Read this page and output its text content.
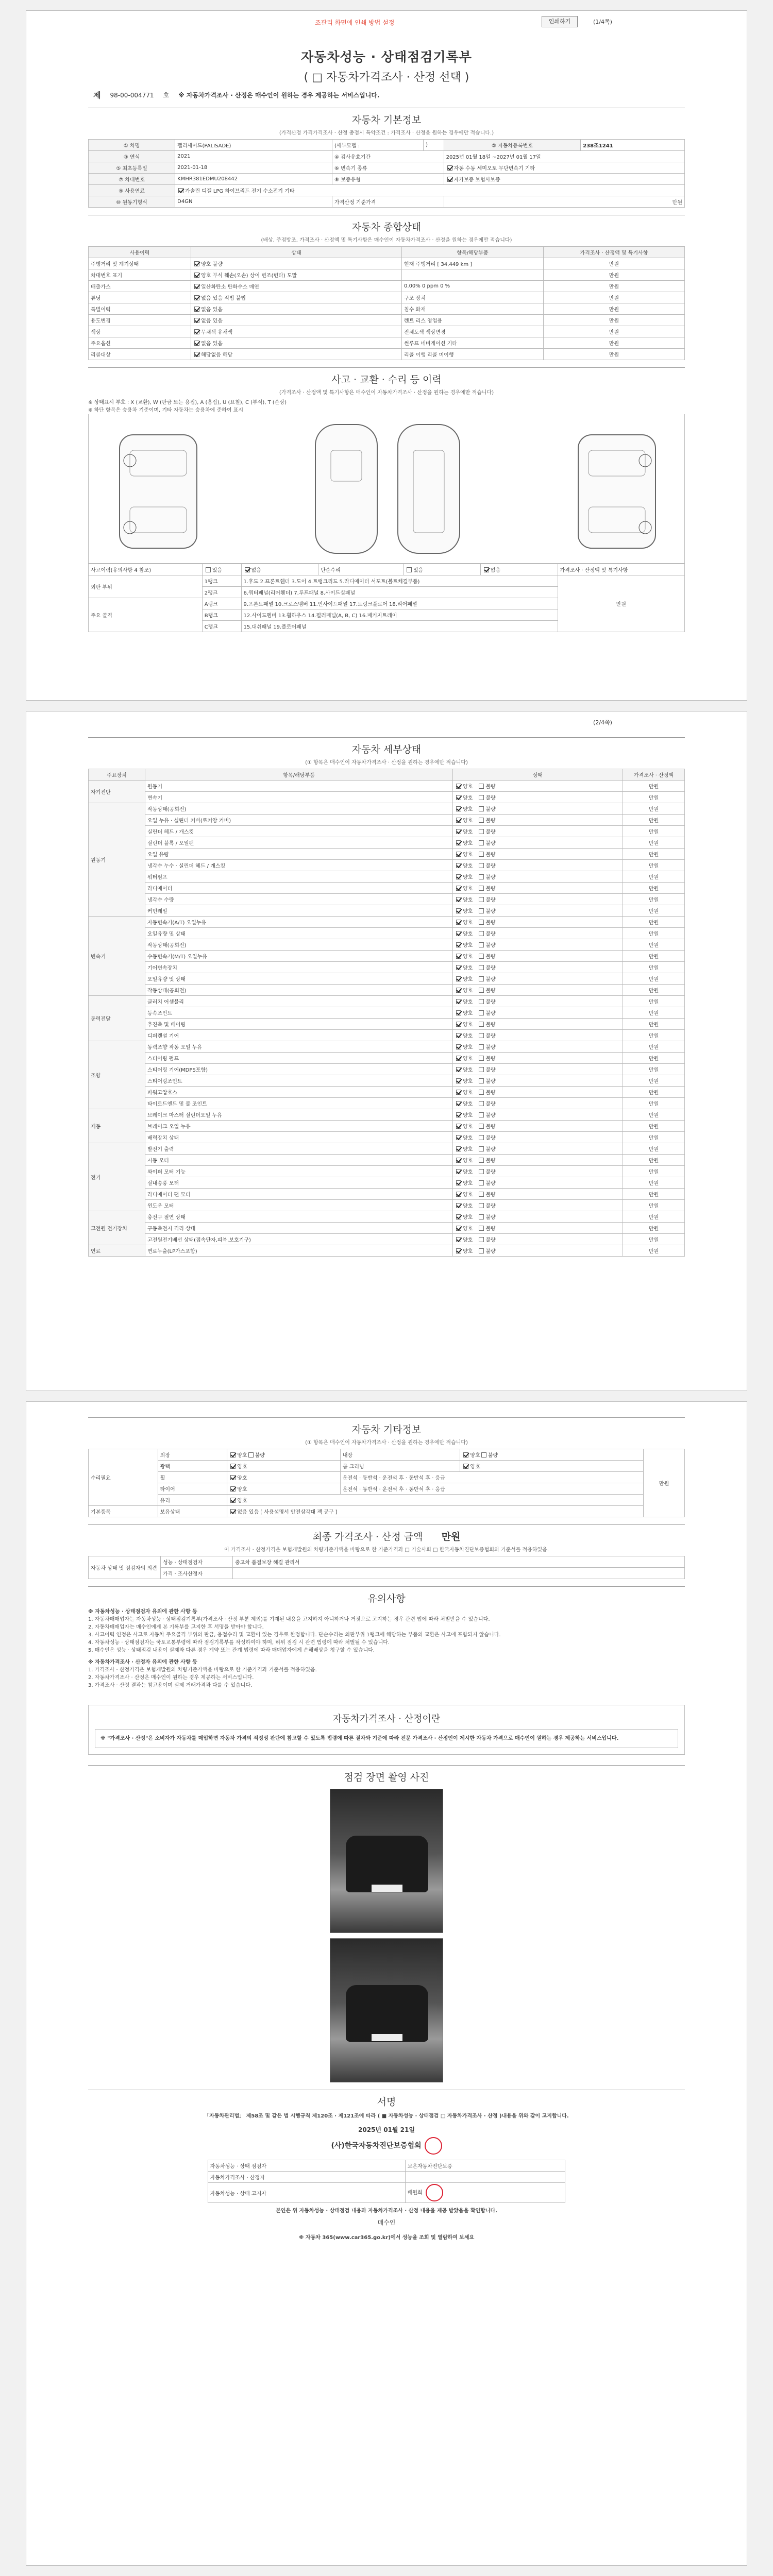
조관리 화면에 인쇄 방법 설정	인쇄하기	(1/4쪽)
자동차성능 · 상태점검기록부
( □ 자동차가격조사 · 산정 선택 )
제 98-00-004771 호 ※ 자동차가격조사 · 산정은 매수인이 원하는 경우 제공하는 서비스입니다.
자동차 기본정보
(가격산정 가격가격조사 · 산정 총점시 특약조건 : 가격조사 · 산정을 원하는 경우에만 적습니다.)
① 차명	팰리세이드(PALISADE)	(세부모델 :	)	② 자동차등록번호	238조1241
③ 연식	2021	④ 검사유효기간		2025년 01월 18일 ~2027년 01월 17일	
⑤ 최초등록일	2021-01-18	⑥ 변속기 종류		자동 수동 세미오토 무단변속기 기타	
⑦ 차대번호	KMHR381EDMU208442	⑧ 보증유형		자가보증 보험사보증	
⑨ 사용연료	가솔린 디젤 LPG 하이브리드 전기 수소전기 기타				
⑩ 원동기형식	D4GN	가격산정 기준가격		만원	
자동차 종합상태
(배상, 주점방조, 가격조사 · 산정액 및 특기사항은 매수인이 자동차가격조사 · 산정을 원하는 경우에만 적습니다)
사용이력	상태	항목/해당부품	가격조사 · 산정액 및 특기사항
주행거리 및 계기상태	양호 불량	현재 주행거리 [ 34,449 km ]	만원
차대번호 표기	양호 부식 훼손(오손) 상이 변조(변타) 도말		만원
배출가스	일산화탄소 탄화수소 매연	0.00% 0 ppm 0 %	만원
튜닝	없음 있음 적법 불법	구조 장치	만원
특별이력	없음 있음	침수 화재	만원
용도변경	없음 있음	렌트 리스 영업용	만원
색상	무채색 유채색	전체도색 색상변경	만원
주요옵션	없음 있음	썬루프 네비게이션 기타	만원
리콜대상	해당없음 해당	리콜 이행 리콜 미이행	만원
사고 · 교환 · 수리 등 이력
(가격조사 · 산정액 및 특기사항은 매수인이 자동차가격조사 · 산정을 원하는 경우에만 적습니다)
※ 상태표시 부호 : X (교환), W (판금 또는 용접), A (흠집), U (요철), C (부식), T (손상)
※ 하단 항목은 승용차 기준이며, 기타 자동차는 승용차에 준하여 표시
사고이력(유의사항 4 참조)	있음	없음	단순수리	있음	없음	가격조사 · 산정액 및 특기사항
외판 부위	1랭크	1.후드 2.프론트휀더 3.도어 4.트렁크리드 5.라디에이터 서포트(볼트체결부품)				만원
	2랭크	6.쿼터패널(리어휀더) 7.루프패널 8.사이드실패널				
주요 골격	A랭크	9.프론트패널 10.크로스멤버 11.인사이드패널 17.트렁크플로어 18.리어패널				
	B랭크	12.사이드멤버 13.휠하우스 14.필러패널(A, B, C) 16.패키지트레이				
	C랭크	15.대쉬패널 19.플로어패널				
(2/4쪽)
자동차 세부상태
(① 항목은 매수인이 자동차가격조사 · 산정을 원하는 경우에만 적습니다)
주요장치	항목/해당부품	상태	가격조사 · 산정액
자기진단	원동기	양호 불량	만원
	변속기	양호 불량	만원
원동기	작동상태(공회전)	양호 불량	만원
	오일 누유 · 실린더 커버(로커암 커버)	양호 불량	만원
	실린더 헤드 / 개스킷	양호 불량	만원
	실린더 블록 / 오일팬	양호 불량	만원
	오일 유량	양호 불량	만원
	냉각수 누수 · 실린더 헤드 / 개스킷	양호 불량	만원
	워터펌프	양호 불량	만원
	라디에이터	양호 불량	만원
	냉각수 수량	양호 불량	만원
	커먼레일	양호 불량	만원
변속기	자동변속기(A/T) 오일누유	양호 불량	만원
	오일유량 및 상태	양호 불량	만원
	작동상태(공회전)	양호 불량	만원
	수동변속기(M/T) 오일누유	양호 불량	만원
	기어변속장치	양호 불량	만원
	오일유량 및 상태	양호 불량	만원
	작동상태(공회전)	양호 불량	만원
동력전달	클러치 어셈블리	양호 불량	만원
	등속조인트	양호 불량	만원
	추진축 및 베어링	양호 불량	만원
	디퍼렌셜 기어	양호 불량	만원
조향	동력조향 작동 오일 누유	양호 불량	만원
	스티어링 펌프	양호 불량	만원
	스티어링 기어(MDPS포함)	양호 불량	만원
	스티어링조인트	양호 불량	만원
	파워고압호스	양호 불량	만원
	타이로드엔드 및 볼 조인트	양호 불량	만원
제동	브레이크 마스터 실린더오일 누유	양호 불량	만원
	브레이크 오일 누유	양호 불량	만원
	배력장치 상태	양호 불량	만원
전기	발전기 출력	양호 불량	만원
	시동 모터	양호 불량	만원
	와이퍼 모터 기능	양호 불량	만원
	실내송풍 모터	양호 불량	만원
	라디에이터 팬 모터	양호 불량	만원
	윈도우 모터	양호 불량	만원
고전원 전기장치	충전구 절연 상태	양호 불량	만원
	구동축전지 격리 상태	양호 불량	만원
	고전원전기배선 상태(접속단자,피복,보호기구)	양호 불량	만원
연료	연료누출(LP가스포함)	양호 불량	만원
자동차 기타정보
(① 항목은 매수인이 자동차가격조사 · 산정을 원하는 경우에만 적습니다)
수리필요	외장	양호 불량	내장	양호 불량	만원
	광택	양호	룸 크리닝	양호	
	휠	양호	운전석 · 동반석 · 운전석 후 · 동반석 후 · 응급		
	타이어	양호	운전석 · 동반석 · 운전석 후 · 동반석 후 · 응급		
	유리	양호			
기본품목	보유상태	없음 있음 [ 사용설명서 안전삼각대 잭 공구 ]			
최종 가격조사 · 산정 금액 만원
이 가격조사 · 산정가격은 보험개발원의 차량기준가액을 바탕으로 한 기준가격과 □ 기술사회 □ 한국자동차진단보증협회의 기준서를 적용하였음.
자동차 상태 및 점검자의 의견	성능 · 상태점검자	중고차 품질보장 해결 관리서
	가격 · 조사산정자	
유의사항
※ 자동차성능 · 상태점검자 유의에 관한 사항 등
1. 자동차매매업자는 자동차성능 · 상태점검기록부(가격조사 · 산정 부분 제외)를 기재된 내용을 고지하지 아니하거나 거짓으로 고지하는 경우 관련 법에 따라 처벌받을 수 있습니다.
2. 자동차매매업자는 매수인에게 본 기록부를 고지한 후 서명을 받아야 합니다.
3. 사고이력 인정은 사고로 자동차 주요골격 부위의 판금, 용접수리 및 교환이 있는 경우로 한정합니다. 단순수리는 외판부위 1랭크에 해당하는 부품의 교환은 사고에 포함되지 않습니다.
4. 자동차성능 · 상태점검자는 국토교통부령에 따라 점검기록부를 작성하여야 하며, 허위 점검 시 관련 법령에 따라 처벌될 수 있습니다.
5. 매수인은 성능 · 상태점검 내용이 실제와 다른 경우 계약 또는 관계 법령에 따라 매매업자에게 손해배상을 청구할 수 있습니다.
※ 자동차가격조사 · 산정자 유의에 관한 사항 등
1. 가격조사 · 산정가격은 보험개발원의 차량기준가액을 바탕으로 한 기준가격과 기준서를 적용하였음.
2. 자동차가격조사 · 산정은 매수인이 원하는 경우 제공하는 서비스입니다.
3. 가격조사 · 산정 결과는 참고용이며 실제 거래가격과 다를 수 있습니다.
자동차가격조사 · 산정이란
※ "가격조사 · 산정"은 소비자가 자동차를 매입하면 자동차 가격의 적정성 판단에 참고할 수 있도록 법령에 따른 절차와 기준에 따라 전문 가격조사 · 산정인이 제시한 자동차 가격으로 매수인이 원하는 경우 제공하는 서비스입니다.
점검 장면 촬영 사진
서명
「자동차관리법」 제58조 및 같은 법 시행규칙 제120조 · 제121조에 따라 ( ■ 자동차성능 · 상태점검 □ 자동차가격조사 · 산정 )내용을 위와 같이 고지합니다.
2025년 01월 21일
(사)한국자동차진단보증협회
자동차성능 · 상태 점검자	보은자동차진단보증
자동차가격조사 · 산정자	
자동차성능 · 상태 고지자	배원희
본인은 위 자동차성능 · 상태점검 내용과 자동차가격조사 · 산정 내용을 제공 받았음을 확인합니다.
매수인
※ 자동차 365(www.car365.go.kr)에서 성능을 조회 및 열람하여 보세요
